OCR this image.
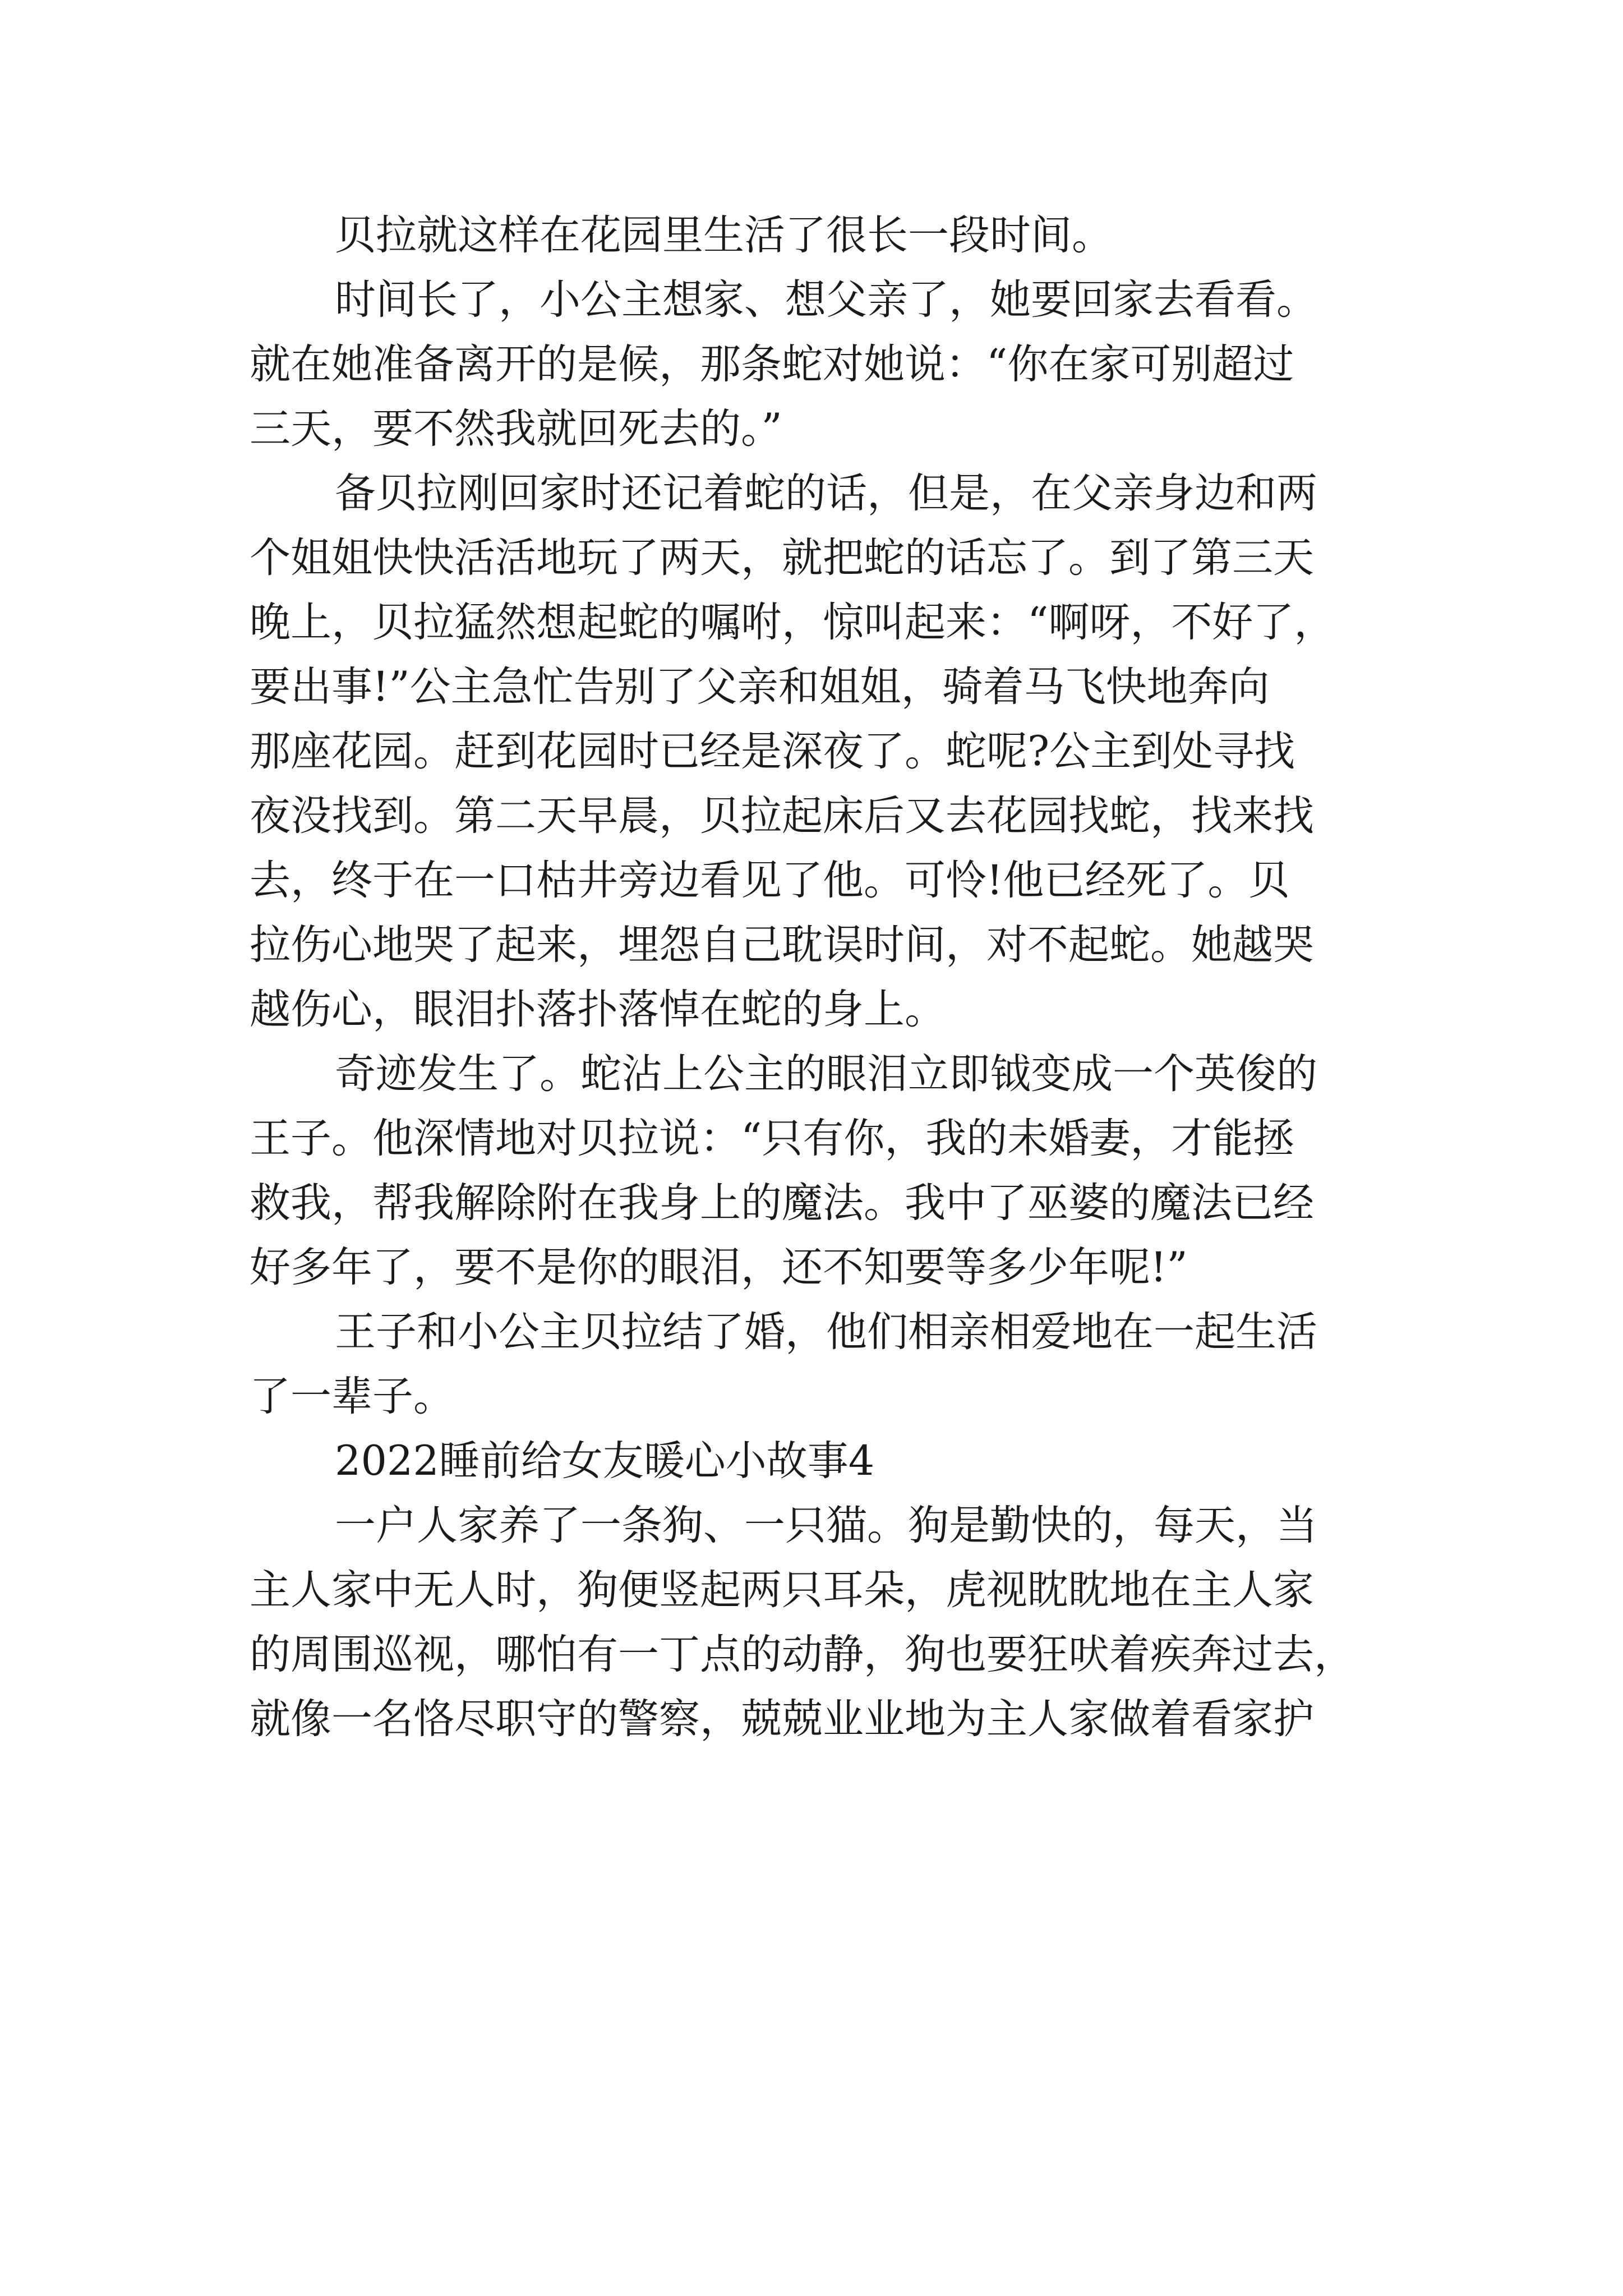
贝拉就这样在花园里生活了很长一段时间。
时间长了，小公主想家、想父亲了，她要回家去看看。
就在她准备离开的是候，那条蛇对她说：“你在家可别超过
三天，要不然我就回死去的。”
备贝拉刚回家时还记着蛇的话，但是，在父亲身边和两
个姐姐快快活活地玩了两天，就把蛇的话忘了。到了第三天
晚上，贝拉猛然想起蛇的嘱咐，惊叫起来：“啊呀，不好了，
要出事!”公主急忙告别了父亲和姐姐，骑着马飞快地奔向
那座花园。赶到花园时已经是深夜了。蛇呢?公主到处寻找
夜没找到。第二天早晨，贝拉起床后又去花园找蛇，找来找
去，终于在一口枯井旁边看见了他。可怜!他已经死了。贝
拉伤心地哭了起来，埋怨自己耽误时间，对不起蛇。她越哭
越伤心，眼泪扑落扑落悼在蛇的身上。
奇迹发生了。蛇沾上公主的眼泪立即钺变成一个英俊的
王子。他深情地对贝拉说：“只有你，我的未婚妻，才能拯
救我，帮我解除附在我身上的魔法。我中了巫婆的魔法已经
好多年了，要不是你的眼泪，还不知要等多少年呢!”
王子和小公主贝拉结了婚，他们相亲相爱地在一起生活
了一辈子。
2022睡前给女友暖心小故事4
一户人家养了一条狗、一只猫。狗是勤快的，每天，当
主人家中无人时，狗便竖起两只耳朵，虎视眈眈地在主人家
的周围巡视，哪怕有一丁点的动静，狗也要狂吠着疾奔过去，
就像一名恪尽职守的警察，兢兢业业地为主人家做着看家护
